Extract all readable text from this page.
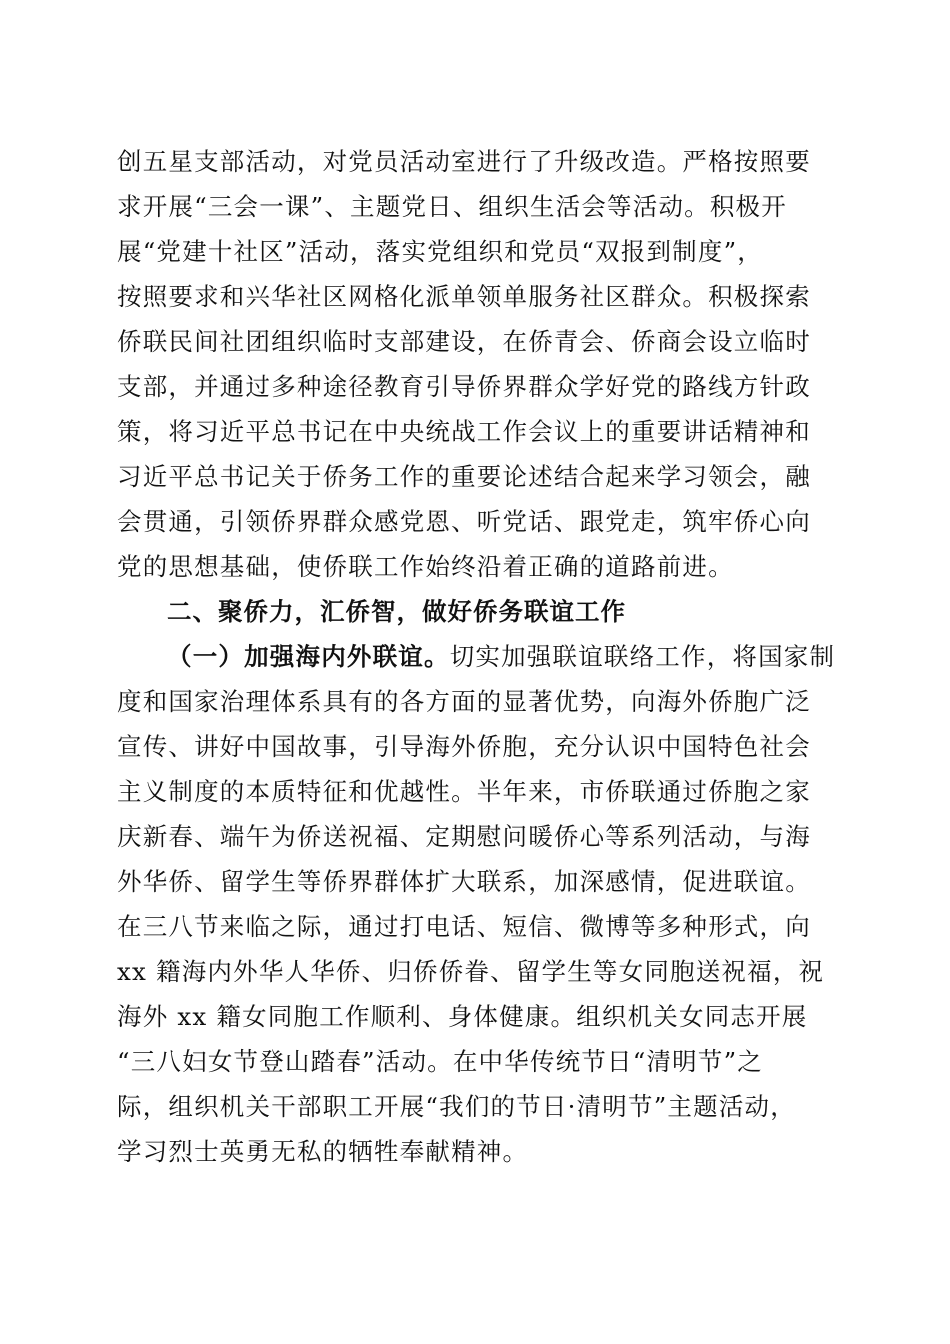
创五星支部活动，对党员活动室进行了升级改造。严格按照要
求开展“三会一课”、主题党日、组织生活会等活动。积极开
展“党建十社区”活动，落实党组织和党员“双报到制度”，
按照要求和兴华社区网格化派单领单服务社区群众。积极探索
侨联民间社团组织临时支部建设，在侨青会、侨商会设立临时
支部，并通过多种途径教育引导侨界群众学好党的路线方针政
策，将习近平总书记在中央统战工作会议上的重要讲话精神和
习近平总书记关于侨务工作的重要论述结合起来学习领会，融
会贯通，引领侨界群众感党恩、听党话、跟党走，筑牢侨心向
党的思想基础，使侨联工作始终沿着正确的道路前进。
二、聚侨力，汇侨智，做好侨务联谊工作
（一）加强海内外联谊。切实加强联谊联络工作，将国家制
度和国家治理体系具有的各方面的显著优势，向海外侨胞广泛
宣传、讲好中国故事，引导海外侨胞，充分认识中国特色社会
主义制度的本质特征和优越性。半年来，市侨联通过侨胞之家
庆新春、端午为侨送祝福、定期慰问暖侨心等系列活动，与海
外华侨、留学生等侨界群体扩大联系，加深感情，促进联谊。
在三八节来临之际，通过打电话、短信、微博等多种形式，向
xx 籍海内外华人华侨、归侨侨眷、留学生等女同胞送祝福，祝
海外 xx 籍女同胞工作顺利、身体健康。组织机关女同志开展
“三八妇女节登山踏春”活动。在中华传统节日“清明节”之
际，组织机关干部职工开展“我们的节日·清明节”主题活动，
学习烈士英勇无私的牺牲奉献精神。
